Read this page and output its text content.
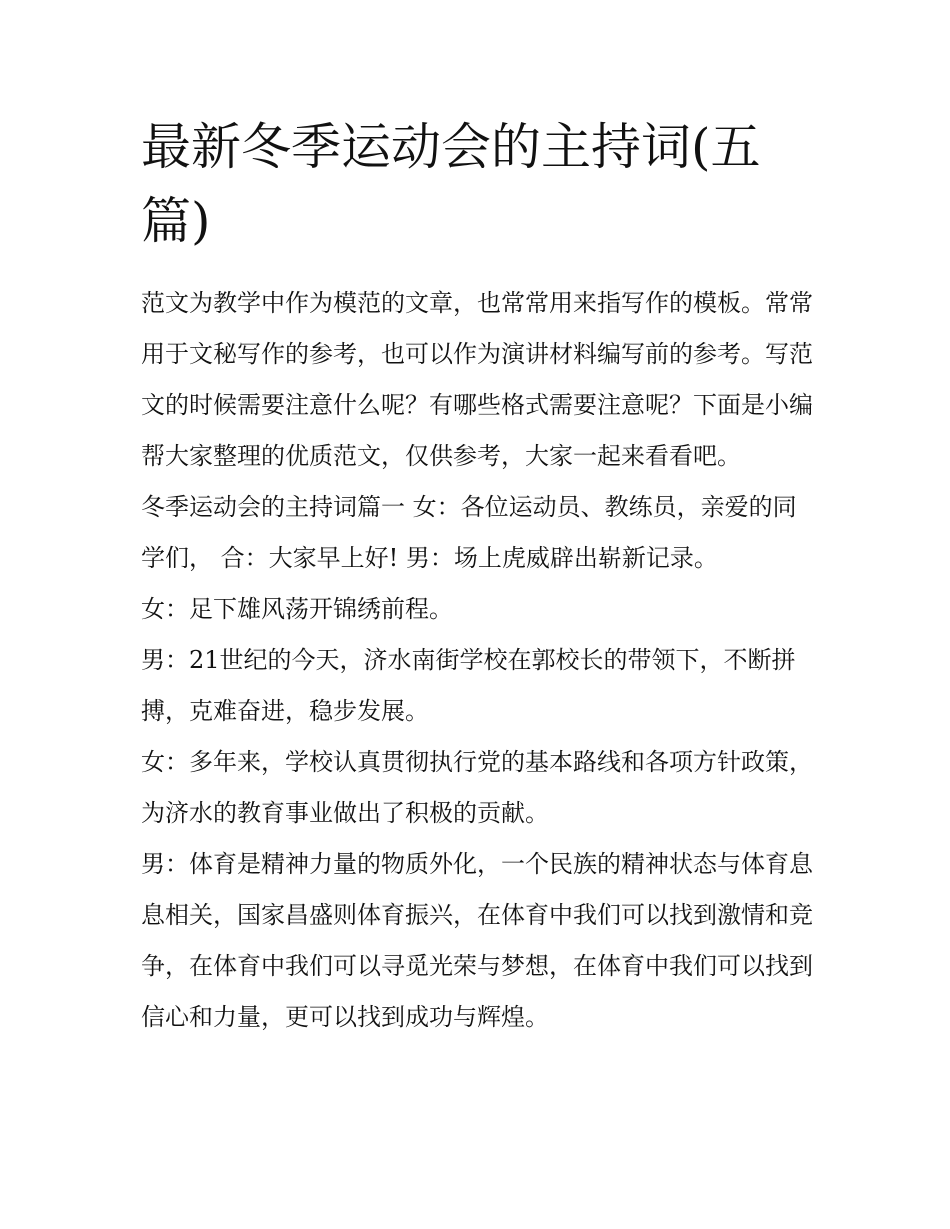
最新冬季运动会的主持词(五篇)

范文为教学中作为模范的文章，也常常用来指写作的模板。常常用于文秘写作的参考，也可以作为演讲材料编写前的参考。写范文的时候需要注意什么呢？有哪些格式需要注意呢？下面是小编帮大家整理的优质范文，仅供参考，大家一起来看看吧。

冬季运动会的主持词篇一 女：各位运动员、教练员，亲爱的同学们， 合：大家早上好! 男：场上虎威辟出崭新记录。

女：足下雄风荡开锦绣前程。

男：21世纪的今天，济水南街学校在郭校长的带领下，不断拼搏，克难奋进，稳步发展。

女：多年来，学校认真贯彻执行党的基本路线和各项方针政策，为济水的教育事业做出了积极的贡献。

男：体育是精神力量的物质外化，一个民族的精神状态与体育息息相关，国家昌盛则体育振兴，在体育中我们可以找到激情和竞争，在体育中我们可以寻觅光荣与梦想，在体育中我们可以找到信心和力量，更可以找到成功与辉煌。
